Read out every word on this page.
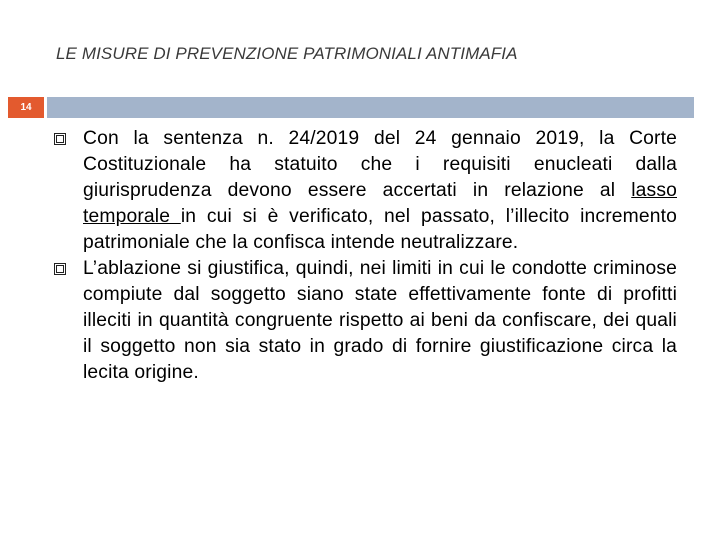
LE MISURE DI PREVENZIONE PATRIMONIALI ANTIMAFIA
14

Con la sentenza n. 24/2019 del 24 gennaio 2019, la Corte Costituzionale ha statuito che i requisiti enucleati dalla giurisprudenza devono essere accertati in relazione al lasso temporale in cui si è verificato, nel passato, l’illecito incremento patrimoniale che la confisca intende neutralizzare.

L’ablazione si giustifica, quindi, nei limiti in cui le condotte criminose compiute dal soggetto siano state effettivamente fonte di profitti illeciti in quantità congruente rispetto ai beni da confiscare, dei quali il soggetto non sia stato in grado di fornire giustificazione circa la lecita origine.
